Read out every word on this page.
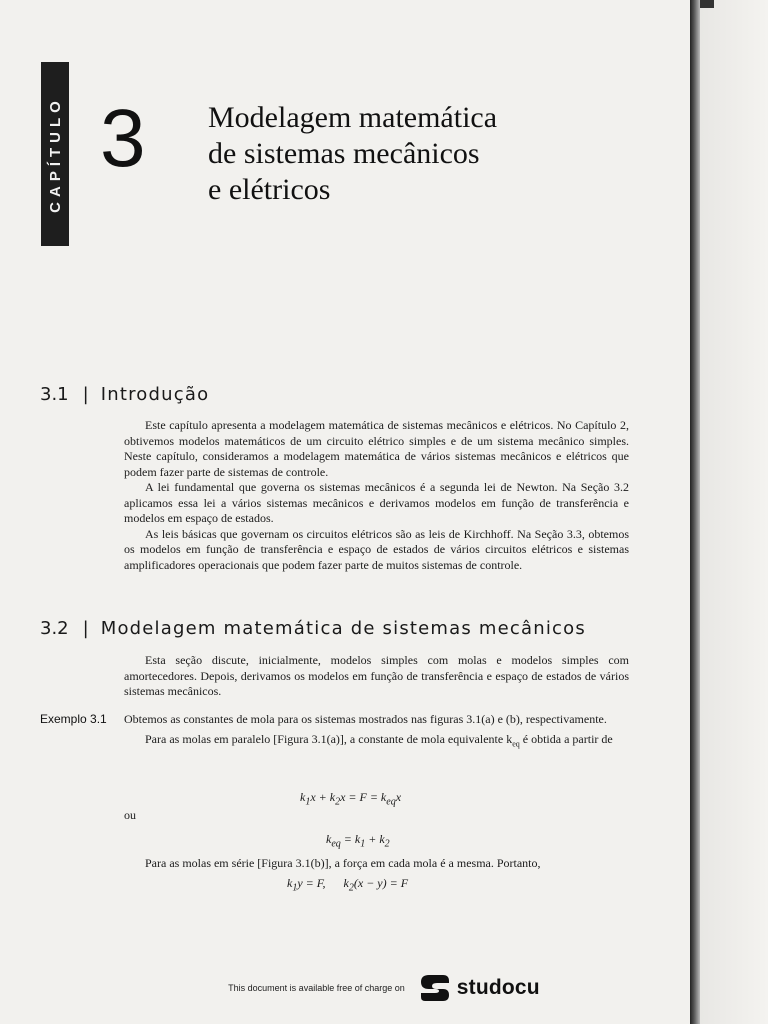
CAPÍTULO 3 Modelagem matemática
de sistemas mecânicos
e elétricos
3.1 | Introdução

Este capítulo apresenta a modelagem matemática de sistemas mecânicos e elétricos. No Capítulo 2, obtivemos modelos matemáticos de um circuito elétrico simples e de um sistema mecânico simples. Neste capítulo, consideramos a modelagem matemática de vários sistemas mecânicos e elétricos que podem fazer parte de sistemas de controle.

A lei fundamental que governa os sistemas mecânicos é a segunda lei de Newton. Na Seção 3.2 aplicamos essa lei a vários sistemas mecânicos e derivamos modelos em função de transferência e modelos em espaço de estados.

As leis básicas que governam os circuitos elétricos são as leis de Kirchhoff. Na Seção 3.3, obtemos os modelos em função de transferência e espaço de estados de vários circuitos elétricos e sistemas amplificadores operacionais que podem fazer parte de muitos sistemas de controle.

3.2 | Modelagem matemática de sistemas mecânicos

Esta seção discute, inicialmente, modelos simples com molas e modelos simples com amortecedores. Depois, derivamos os modelos em função de transferência e espaço de estados de vários sistemas mecânicos.

Exemplo 3.1 Obtemos as constantes de mola para os sistemas mostrados nas figuras 3.1(a) e (b), respectivamente.

Para as molas em paralelo [Figura 3.1(a)], a constante de mola equivalente $k_{eq}$ é obtida a partir de

$k_1x + k_2x = F = k_{eq}x$
ou
$k_{eq} = k_1 + k_2$

Para as molas em série [Figura 3.1(b)], a força em cada mola é a mesma. Portanto,

$k_1y = F$,      $k_2(x - y) = F$
This document is available free of charge on studocu
